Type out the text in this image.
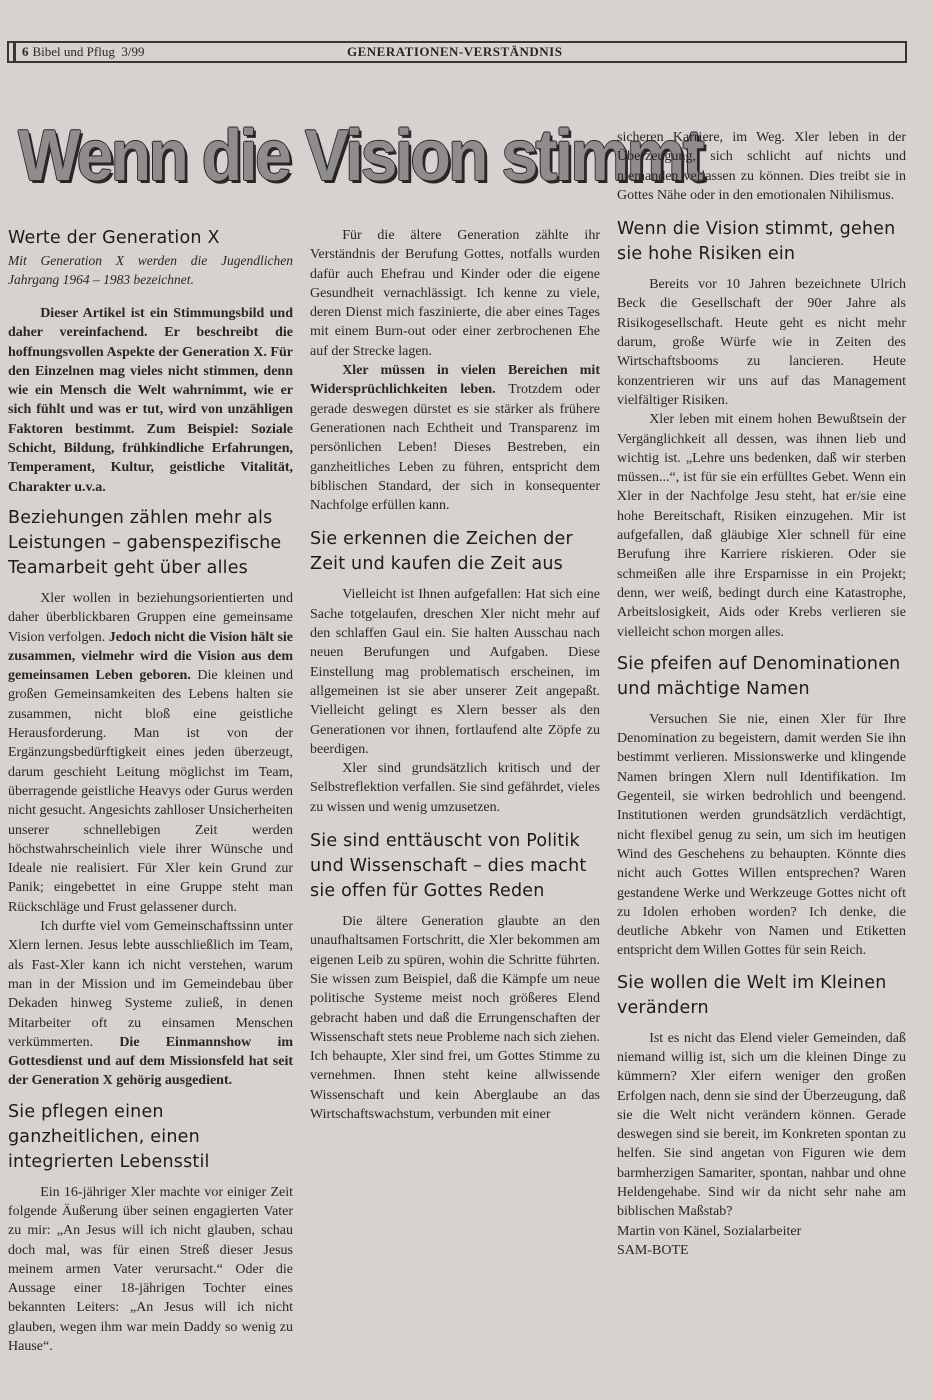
6 Bibel und Pflug 3/99	GENERATIONEN-VERSTÄNDNIS
Wenn die Vision stimmt
Werte der Generation X

Mit Generation X werden die Jugendlichen Jahrgang 1964 – 1983 bezeichnet.

Dieser Artikel ist ein Stimmungsbild und daher vereinfachend. Er beschreibt die hoffnungsvollen Aspekte der Generation X. Für den Einzelnen mag vieles nicht stimmen, denn wie ein Mensch die Welt wahrnimmt, wie er sich fühlt und was er tut, wird von unzähligen Faktoren bestimmt. Zum Beispiel: Soziale Schicht, Bildung, frühkindliche Erfahrungen, Temperament, Kultur, geistliche Vitalität, Charakter u.v.a.

Beziehungen zählen mehr als Leistungen – gabenspezifische Teamarbeit geht über alles

Xler wollen in beziehungsorientierten und daher überblickbaren Gruppen eine gemeinsame Vision verfolgen. Jedoch nicht die Vision hält sie zusammen, vielmehr wird die Vision aus dem gemeinsamen Leben geboren. Die kleinen und großen Gemeinsamkeiten des Lebens halten sie zusammen, nicht bloß eine geistliche Herausforderung. Man ist von der Ergänzungsbedürftigkeit eines jeden überzeugt, darum geschieht Leitung möglichst im Team, überragende geistliche Heavys oder Gurus werden nicht gesucht. Angesichts zahlloser Unsicherheiten unserer schnellebigen Zeit werden höchstwahrscheinlich viele ihrer Wünsche und Ideale nie realisiert. Für Xler kein Grund zur Panik; eingebettet in eine Gruppe steht man Rückschläge und Frust gelassener durch.

Ich durfte viel vom Gemeinschaftssinn unter Xlern lernen. Jesus lebte ausschließlich im Team, als Fast-Xler kann ich nicht verstehen, warum man in der Mission und im Gemeindebau über Dekaden hinweg Systeme zuließ, in denen Mitarbeiter oft zu einsamen Menschen verkümmerten. Die Einmannshow im Gottesdienst und auf dem Missionsfeld hat seit der Generation X gehörig ausgedient.

Sie pflegen einen ganzheitlichen, einen integrierten Lebensstil

Ein 16-jähriger Xler machte vor einiger Zeit folgende Äußerung über seinen engagierten Vater zu mir: „An Jesus will ich nicht glauben, schau doch mal, was für einen Streß dieser Jesus meinem armen Vater verursacht.“ Oder die Aussage einer 18-jährigen Tochter eines bekannten Leiters: „An Jesus will ich nicht glauben, wegen ihm war mein Daddy so wenig zu Hause“.

Für die ältere Generation zählte ihr Verständnis der Berufung Gottes, notfalls wurden dafür auch Ehefrau und Kinder oder die eigene Gesundheit vernachlässigt. Ich kenne zu viele, deren Dienst mich faszinierte, die aber eines Tages mit einem Burn-out oder einer zerbrochenen Ehe auf der Strecke lagen.

Xler müssen in vielen Bereichen mit Widersprüchlichkeiten leben. Trotzdem oder gerade deswegen dürstet es sie stärker als frühere Generationen nach Echtheit und Transparenz im persönlichen Leben! Dieses Bestreben, ein ganzheitliches Leben zu führen, entspricht dem biblischen Standard, der sich in konsequenter Nachfolge erfüllen kann.

Sie erkennen die Zeichen der Zeit und kaufen die Zeit aus

Vielleicht ist Ihnen aufgefallen: Hat sich eine Sache totgelaufen, dreschen Xler nicht mehr auf den schlaffen Gaul ein. Sie halten Ausschau nach neuen Berufungen und Aufgaben. Diese Einstellung mag problematisch erscheinen, im allgemeinen ist sie aber unserer Zeit angepaßt. Vielleicht gelingt es Xlern besser als den Generationen vor ihnen, fortlaufend alte Zöpfe zu beerdigen.

Xler sind grundsätzlich kritisch und der Selbstreflektion verfallen. Sie sind gefährdet, vieles zu wissen und wenig umzusetzen.

Sie sind enttäuscht von Politik und Wissenschaft – dies macht sie offen für Gottes Reden

Die ältere Generation glaubte an den unaufhaltsamen Fortschritt, die Xler bekommen am eigenen Leib zu spüren, wohin die Schritte führten. Sie wissen zum Beispiel, daß die Kämpfe um neue politische Systeme meist noch größeres Elend gebracht haben und daß die Errungenschaften der Wissenschaft stets neue Probleme nach sich ziehen. Ich behaupte, Xler sind frei, um Gottes Stimme zu vernehmen. Ihnen steht keine allwissende Wissenschaft und kein Aberglaube an das Wirtschaftswachstum, verbunden mit einer

sicheren Karriere, im Weg. Xler leben in der Überzeugung, sich schlicht auf nichts und niemanden verlassen zu können. Dies treibt sie in Gottes Nähe oder in den emotionalen Nihilismus.

Wenn die Vision stimmt, gehen sie hohe Risiken ein

Bereits vor 10 Jahren bezeichnete Ulrich Beck die Gesellschaft der 90er Jahre als Risikogesellschaft. Heute geht es nicht mehr darum, große Würfe wie in Zeiten des Wirtschaftsbooms zu lancieren. Heute konzentrieren wir uns auf das Management vielfältiger Risiken.

Xler leben mit einem hohen Bewußtsein der Vergänglichkeit all dessen, was ihnen lieb und wichtig ist. „Lehre uns bedenken, daß wir sterben müssen...“, ist für sie ein erfülltes Gebet. Wenn ein Xler in der Nachfolge Jesu steht, hat er/sie eine hohe Bereitschaft, Risiken einzugehen. Mir ist aufgefallen, daß gläubige Xler schnell für eine Berufung ihre Karriere riskieren. Oder sie schmeißen alle ihre Ersparnisse in ein Projekt; denn, wer weiß, bedingt durch eine Katastrophe, Arbeitslosigkeit, Aids oder Krebs verlieren sie vielleicht schon morgen alles.

Sie pfeifen auf Denominationen und mächtige Namen

Versuchen Sie nie, einen Xler für Ihre Denomination zu begeistern, damit werden Sie ihn bestimmt verlieren. Missionswerke und klingende Namen bringen Xlern null Identifikation. Im Gegenteil, sie wirken bedrohlich und beengend. Institutionen werden grundsätzlich verdächtigt, nicht flexibel genug zu sein, um sich im heutigen Wind des Geschehens zu behaupten. Könnte dies nicht auch Gottes Willen entsprechen? Waren gestandene Werke und Werkzeuge Gottes nicht oft zu Idolen erhoben worden? Ich denke, die deutliche Abkehr von Namen und Etiketten entspricht dem Willen Gottes für sein Reich.

Sie wollen die Welt im Kleinen verändern

Ist es nicht das Elend vieler Gemeinden, daß niemand willig ist, sich um die kleinen Dinge zu kümmern? Xler eifern weniger den großen Erfolgen nach, denn sie sind der Überzeugung, daß sie die Welt nicht verändern können. Gerade deswegen sind sie bereit, im Konkreten spontan zu helfen. Sie sind angetan von Figuren wie dem barmherzigen Samariter, spontan, nahbar und ohne Heldengehabe. Sind wir da nicht sehr nahe am biblischen Maßstab?

Martin von Känel, Sozialarbeiter

SAM-BOTE
